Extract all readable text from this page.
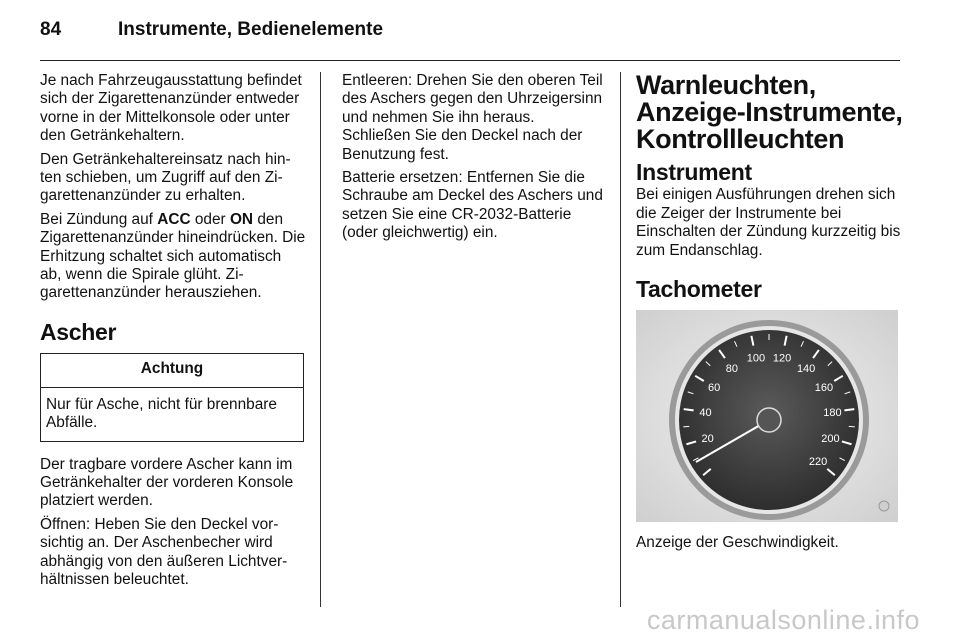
84	Instrumente, Bedienelemente

Je nach Fahrzeugausstattung befindet sich der Zigarettenanzünder entweder vorne in der Mittelkonsole oder unter den Getränkehaltern.

Den Getränkehaltereinsatz nach hinten schieben, um Zugriff auf den Zigarettenanzünder zu erhalten.

Bei Zündung auf ACC oder ON den Zigarettenanzünder hineindrücken. Die Erhitzung schaltet sich automatisch ab, wenn die Spirale glüht. Zigarettenanzünder herausziehen.

Ascher
Achtung
Nur für Asche, nicht für brennbare Abfälle.

Der tragbare vordere Ascher kann im Getränkehalter der vorderen Konsole platziert werden.

Öffnen: Heben Sie den Deckel vorsichtig an. Der Aschenbecher wird abhängig von den äußeren Lichtverhältnissen beleuchtet.

Entleeren: Drehen Sie den oberen Teil des Aschers gegen den Uhrzeigersinn und nehmen Sie ihn heraus. Schließen Sie den Deckel nach der Benutzung fest.

Batterie ersetzen: Entfernen Sie die Schraube am Deckel des Aschers und setzen Sie eine CR-2032-Batterie (oder gleichwertig) ein.

Warnleuchten, Anzeige-Instrumente, Kontrollleuchten
Instrument

Bei einigen Ausführungen drehen sich die Zeiger der Instrumente bei Einschalten der Zündung kurzzeitig bis zum Endanschlag.

Tachometer
20
40
60
80
100 120
140
160
180
200
220

Anzeige der Geschwindigkeit.

carmanualsonline.info
